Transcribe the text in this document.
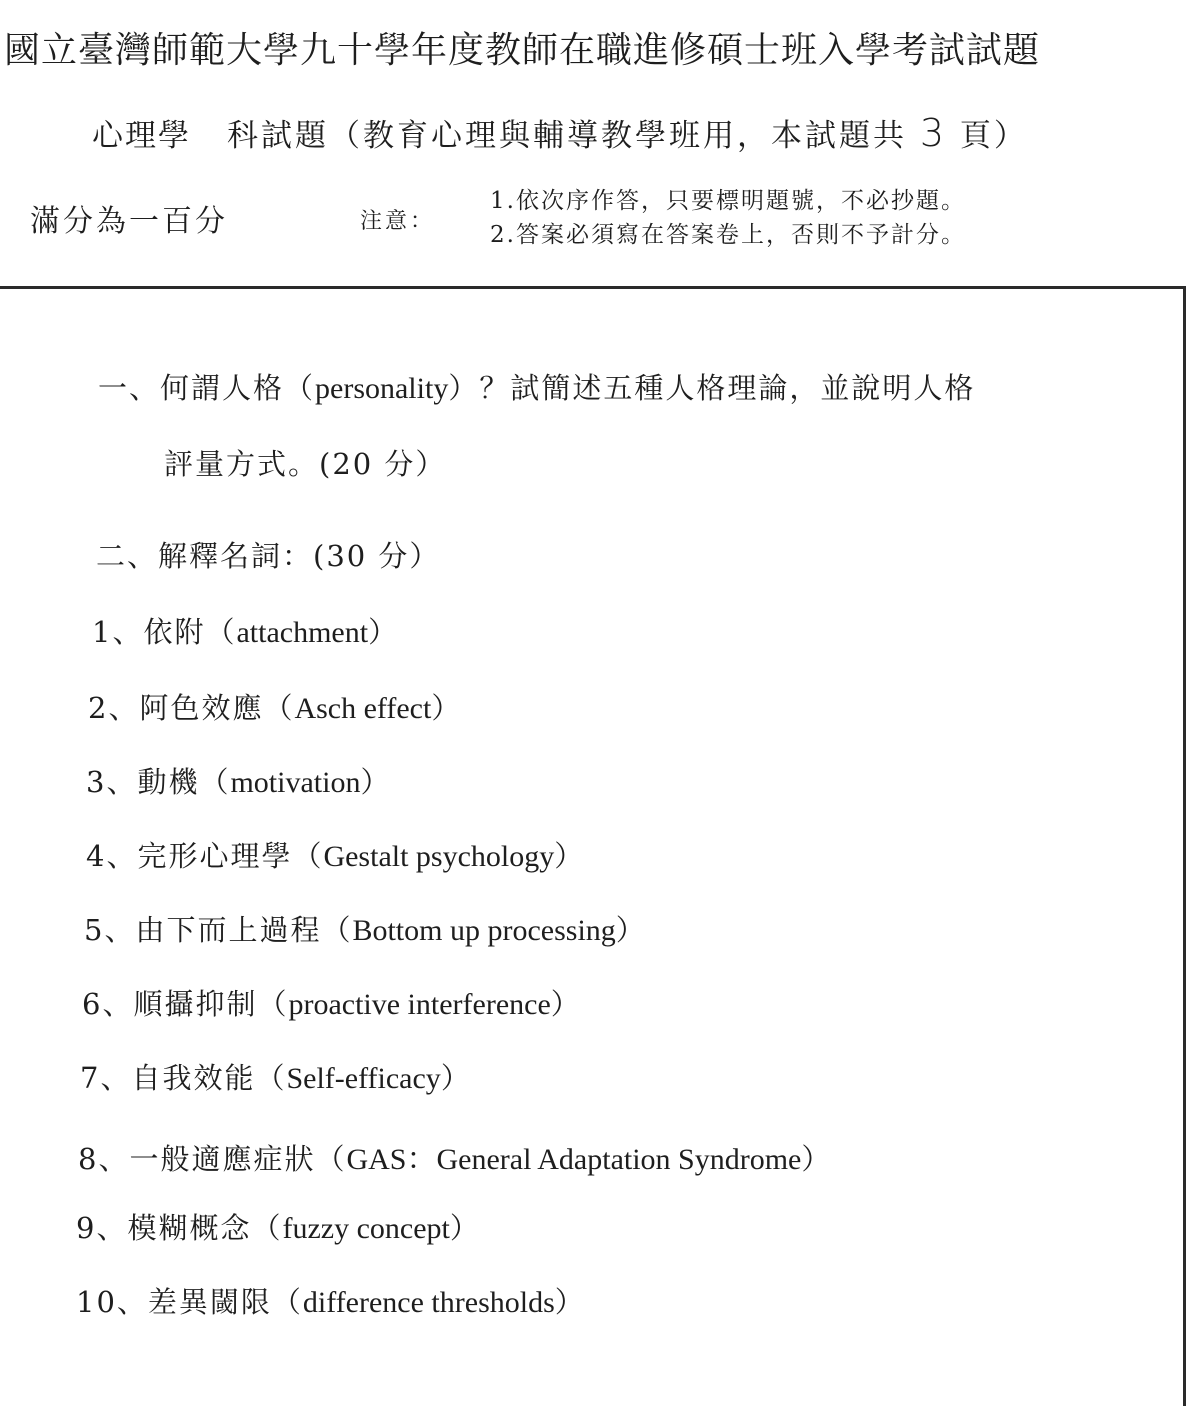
國立臺灣師範大學九十學年度教師在職進修碩士班入學考試試題
心理學 科試題（教育心理與輔導教學班用，本試題共 3 頁）
滿分為一百分	注意：
1.依次序作答，只要標明題號，不必抄題。
2.答案必須寫在答案卷上，否則不予計分。
一、何謂人格（personality）？試簡述五種人格理論，並說明人格
評量方式。(20 分）
二、解釋名詞：(30 分）
1、依附（attachment）
2、阿色效應（Asch effect）
3、動機（motivation）
4、完形心理學（Gestalt psychology）
5、由下而上過程（Bottom up processing）
6、順攝抑制（proactive interference）
7、自我效能（Self-efficacy）
8、一般適應症狀（GAS：General Adaptation Syndrome）
9、模糊概念（fuzzy concept）
10、差異閾限（difference thresholds）
